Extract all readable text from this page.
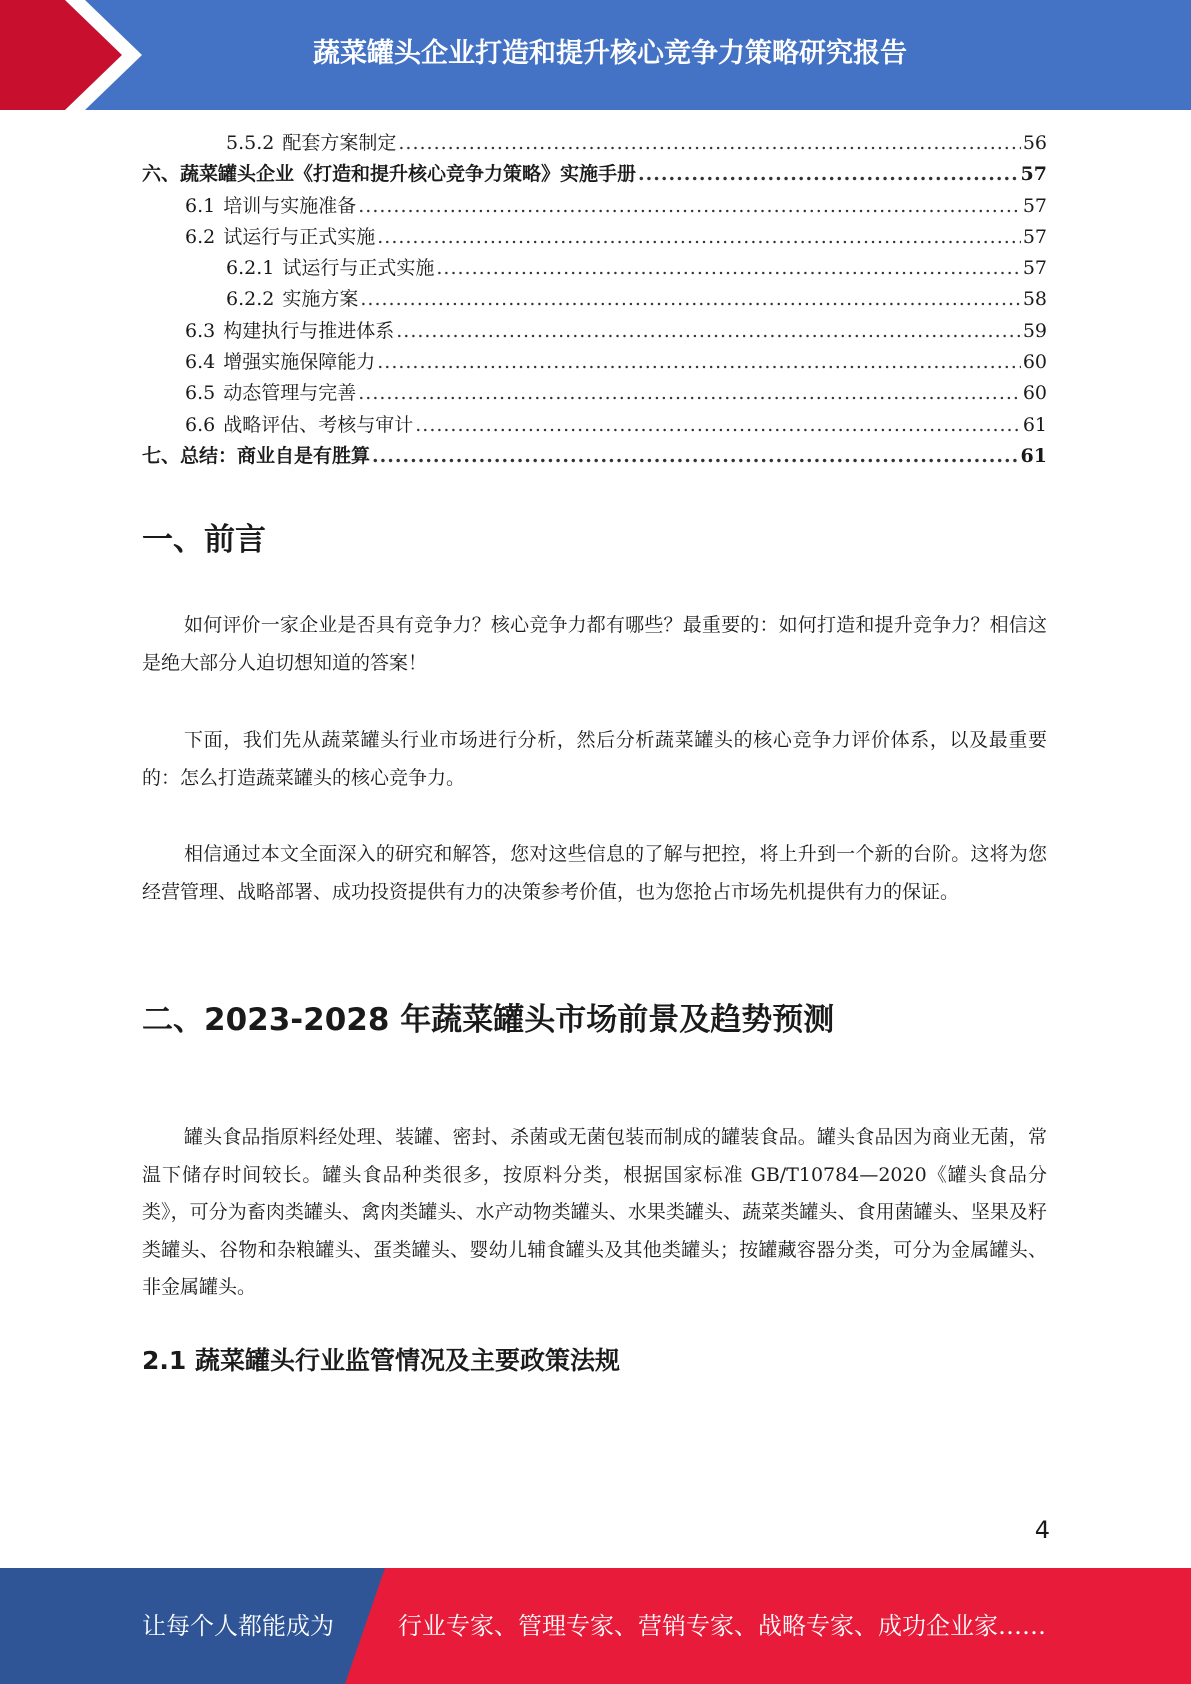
蔬菜罐头企业打造和提升核心竞争力策略研究报告
5.5.2 配套方案制定 .....	56
六、蔬菜罐头企业《打造和提升核心竞争力策略》实施手册 .....	57
6.1 培训与实施准备 .....	57
6.2 试运行与正式实施 .....	57
6.2.1 试运行与正式实施 .....	57
6.2.2 实施方案 .....	58
6.3 构建执行与推进体系 .....	59
6.4 增强实施保障能力 .....	60
6.5 动态管理与完善 .....	60
6.6 战略评估、考核与审计 .....	61
七、总结：商业自是有胜算 .....	61
一、前言

如何评价一家企业是否具有竞争力？核心竞争力都有哪些？最重要的：如何打造和提升竞争力？相信这是绝大部分人迫切想知道的答案！

下面，我们先从蔬菜罐头行业市场进行分析，然后分析蔬菜罐头的核心竞争力评价体系，以及最重要的：怎么打造蔬菜罐头的核心竞争力。

相信通过本文全面深入的研究和解答，您对这些信息的了解与把控，将上升到一个新的台阶。这将为您经营管理、战略部署、成功投资提供有力的决策参考价值，也为您抢占市场先机提供有力的保证。

二、2023-2028 年蔬菜罐头市场前景及趋势预测

罐头食品指原料经处理、装罐、密封、杀菌或无菌包装而制成的罐装食品。罐头食品因为商业无菌，常温下储存时间较长。罐头食品种类很多，按原料分类，根据国家标准 GB/T10784—2020《罐头食品分类》，可分为畜肉类罐头、禽肉类罐头、水产动物类罐头、水果类罐头、蔬菜类罐头、食用菌罐头、坚果及籽类罐头、谷物和杂粮罐头、蛋类罐头、婴幼儿辅食罐头及其他类罐头；按罐藏容器分类，可分为金属罐头、非金属罐头。

2.1 蔬菜罐头行业监管情况及主要政策法规
4
让每个人都能成为	行业专家、管理专家、营销专家、战略专家、成功企业家……
